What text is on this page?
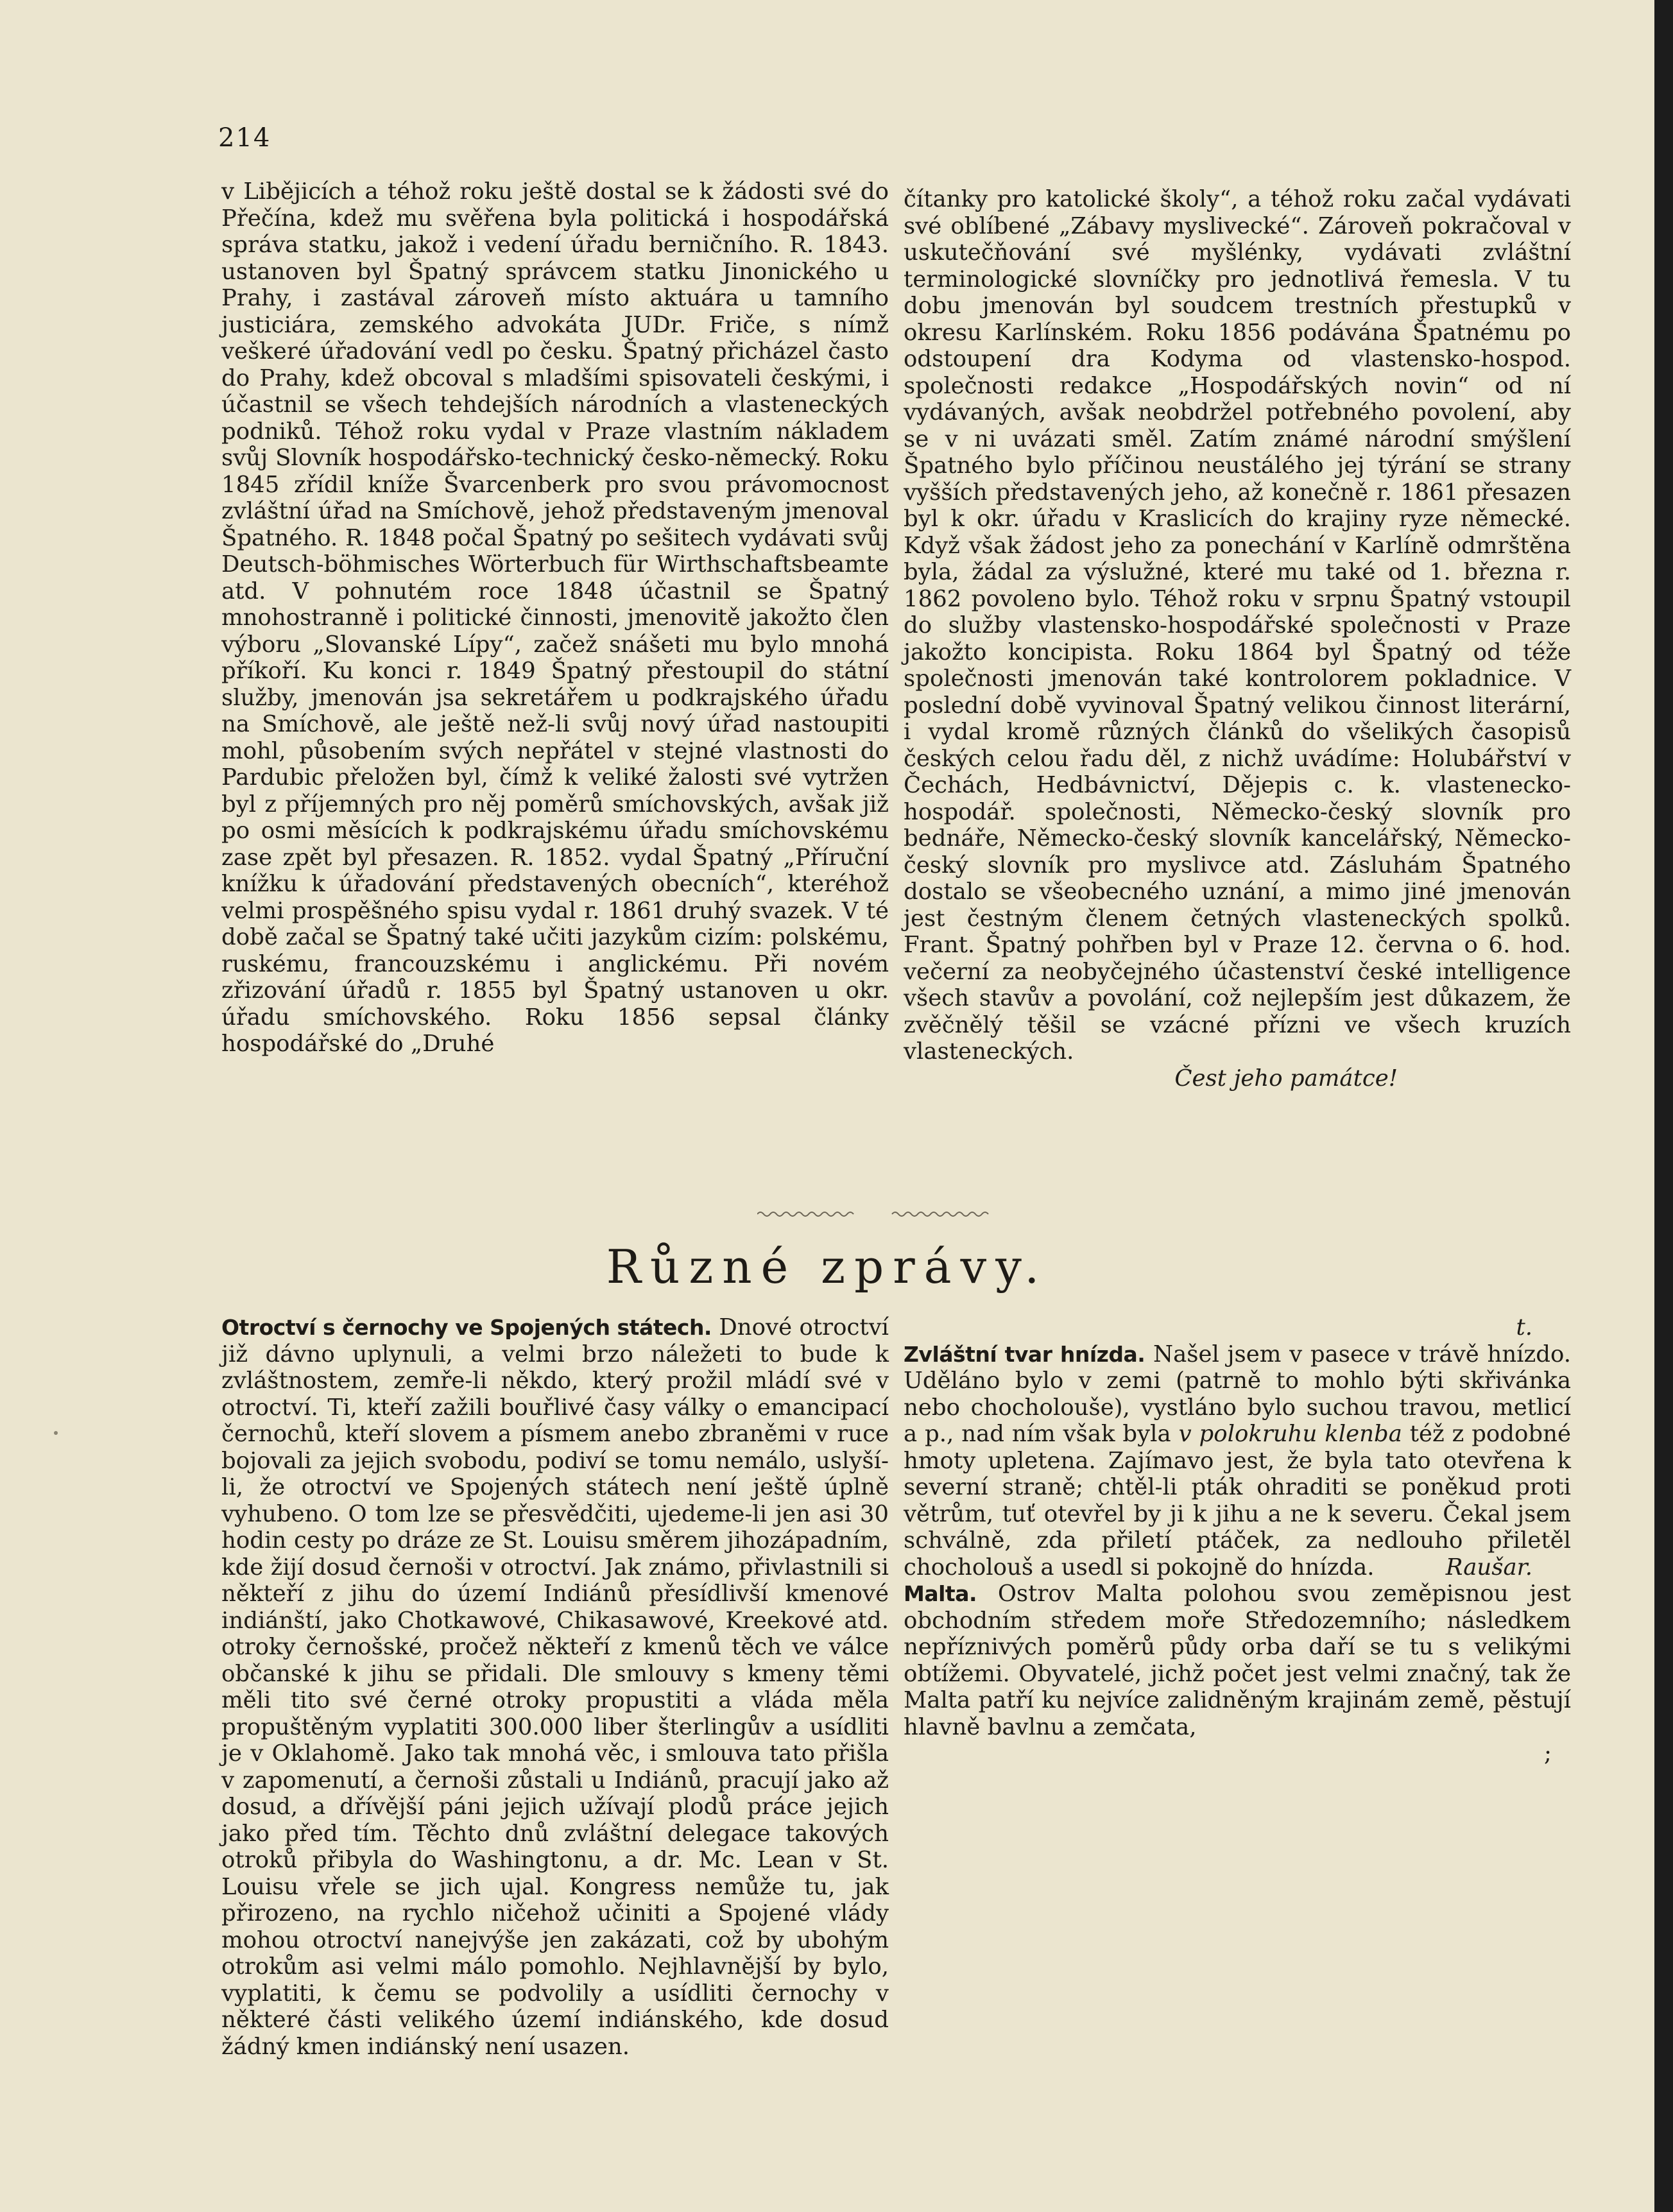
214

v Libějicích a téhož roku ještě dostal se k žádosti své do Přečína, kdež mu svěřena byla politická i hospodářská správa statku, jakož i vedení úřadu berničního. R. 1843. ustanoven byl Špatný správcem statku Jinonického u Prahy, i zastával zároveň místo aktuára u tamního justiciára, zemského advokáta JUDr. Friče, s nímž veškeré úřadování vedl po česku. Špatný přicházel často do Prahy, kdež obcoval s mladšími spisovateli českými, i účastnil se všech tehdejších národních a vlasteneckých podniků. Téhož roku vydal v Praze vlastním nákladem svůj Slovník hospodářsko-technický česko-německý. Roku 1845 zřídil kníže Švarcenberk pro svou právomocnost zvláštní úřad na Smíchově, jehož představeným jmenoval Špatného. R. 1848 počal Špatný po sešitech vydávati svůj Deutsch-böhmisches Wörterbuch für Wirthschaftsbeamte atd. V pohnutém roce 1848 účastnil se Špatný mnohostranně i politické činnosti, jmenovitě jakožto člen výboru „Slovanské Lípy“, začež snášeti mu bylo mnohá příkoří. Ku konci r. 1849 Špatný přestoupil do státní služby, jmenován jsa sekretářem u podkrajského úřadu na Smíchově, ale ještě než-li svůj nový úřad nastoupiti mohl, působením svých nepřátel v stejné vlastnosti do Pardubic přeložen byl, čímž k veliké žalosti své vytržen byl z příjemných pro něj poměrů smíchovských, avšak již po osmi měsících k podkrajskému úřadu smíchovskému zase zpět byl přesazen. R. 1852. vydal Špatný „Příruční knížku k úřadování představených obecních“, kteréhož velmi prospěšného spisu vydal r. 1861 druhý svazek. V té době začal se Špatný také učiti jazykům cizím: polskému, ruskému, francouzskému i anglickému. Při novém zřizování úřadů r. 1855 byl Špatný ustanoven u okr. úřadu smíchovského. Roku 1856 sepsal články hospodářské do „Druhé

čítanky pro katolické školy“, a téhož roku začal vydávati své oblíbené „Zábavy myslivecké“. Zároveň pokračoval v uskutečňování své myšlénky, vydávati zvláštní terminologické slovníčky pro jednotlivá řemesla. V tu dobu jmenován byl soudcem trestních přestupků v okresu Karlínském. Roku 1856 podávána Špatnému po odstoupení dra Kodyma od vlastensko-hospod. společnosti redakce „Hospodářských novin“ od ní vydávaných, avšak neobdržel potřebného povolení, aby se v ni uvázati směl. Zatím známé národní smýšlení Špatného bylo příčinou neustálého jej týrání se strany vyšších představených jeho, až konečně r. 1861 přesazen byl k okr. úřadu v Kraslicích do krajiny ryze německé. Když však žádost jeho za ponechání v Karlíně odmrštěna byla, žádal za výslužné, které mu také od 1. března r. 1862 povoleno bylo. Téhož roku v srpnu Špatný vstoupil do služby vlastensko-hospodářské společnosti v Praze jakožto koncipista. Roku 1864 byl Špatný od téže společnosti jmenován také kontrolorem pokladnice. V poslední době vyvinoval Špatný velikou činnost literární, i vydal kromě různých článků do všelikých časopisů českých celou řadu děl, z nichž uvádíme: Holubářství v Čechách, Hedbávnictví, Dějepis c. k. vlastenecko-hospodář. společnosti, Německo-český slovník pro bednáře, Německo-český slovník kancelářský, Německo-český slovník pro myslivce atd. Zásluhám Špatného dostalo se všeobecného uznání, a mimo jiné jmenován jest čestným členem četných vlasteneckých spolků. Frant. Špatný pohřben byl v Praze 12. června o 6. hod. večerní za neobyčejného účastenství české intelligence všech stavův a povolání, což nejlepším jest důkazem, že zvěčnělý těšil se vzácné přízni ve všech kruzích vlasteneckých.

Čest jeho památce!

Různé zprávy.

Otroctví s černochy ve Spojených státech. Dnové otroctví již dávno uplynuli, a velmi brzo náležeti to bude k zvláštnostem, zemře-li někdo, který prožil mládí své v otroctví. Ti, kteří zažili bouřlivé časy války o emancipací černochů, kteří slovem a písmem anebo zbraněmi v ruce bojovali za jejich svobodu, podiví se tomu nemálo, uslyší-li, že otroctví ve Spojených státech není ještě úplně vyhubeno. O tom lze se přesvědčiti, ujedeme-li jen asi 30 hodin cesty po dráze ze St. Louisu směrem jihozápadním, kde žijí dosud černoši v otroctví. Jak známo, přivlastnili si někteří z jihu do území Indiánů přesídlivší kmenové indiánští, jako Chotkawové, Chikasawové, Kreekové atd. otroky černošské, pročež někteří z kmenů těch ve válce občanské k jihu se přidali. Dle smlouvy s kmeny těmi měli tito své černé otroky propustiti a vláda měla propuštěným vyplatiti 300.000 liber šterlingův a usídliti je v Oklahomě. Jako tak mnohá věc, i smlouva tato přišla v zapomenutí, a černoši zůstali u Indiánů, pracují jako až dosud, a dřívější páni jejich užívají plodů práce jejich jako před tím. Těchto dnů zvláštní delegace takových otroků přibyla do Washingtonu, a dr. Mc. Lean v St. Louisu vřele se jich ujal. Kongress nemůže tu, jak přirozeno, na rychlo ničehož učiniti a Spojené vlády mohou otroctví nanejvýše jen zakázati, což by ubohým otrokům asi velmi málo pomohlo. Nejhlavnější by bylo, vyplatiti, k čemu se podvolily a usídliti černochy v některé části velikého území indiánského, kde dosud žádný kmen indiánský není usazen.

t.

Zvláštní tvar hnízda. Našel jsem v pasece v trávě hnízdo. Uděláno bylo v zemi (patrně to mohlo býti skřivánka nebo chocholouše), vystláno bylo suchou travou, metlicí a p., nad ním však byla v polokruhu klenba též z podobné hmoty upletena. Zajímavo jest, že byla tato otevřena k severní straně; chtěl-li pták ohraditi se poněkud proti větrům, tuť otevřel by ji k jihu a ne k severu. Čekal jsem schválně, zda přiletí ptáček, za nedlouho přiletěl chocholouš a usedl si pokojně do hnízda.	Raušar.

Malta. Ostrov Malta polohou svou zeměpisnou jest obchodním středem moře Středozemního; následkem nepříznivých poměrů půdy orba daří se tu s velikými obtížemi. Obyvatelé, jichž počet jest velmi značný, tak že Malta patří ku nejvíce zalidněným krajinám země, pěstují hlavně bavlnu a zemčata,
;
